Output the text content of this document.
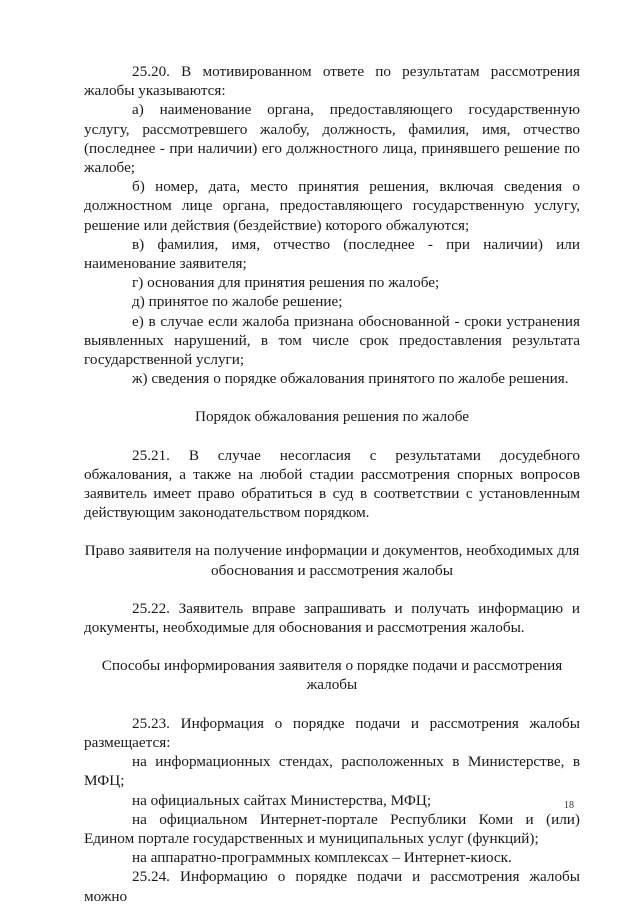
25.20. В мотивированном ответе по результатам рассмотрения жалобы указываются:

а) наименование органа, предоставляющего государственную услугу, рассмотревшего жалобу, должность, фамилия, имя, отчество (последнее - при наличии) его должностного лица, принявшего решение по жалобе;

б) номер, дата, место принятия решения, включая сведения о должностном лице органа, предоставляющего государственную услугу, решение или действия (бездействие) которого обжалуются;

в) фамилия, имя, отчество (последнее - при наличии) или наименование заявителя;

г) основания для принятия решения по жалобе;

д) принятое по жалобе решение;

е) в случае если жалоба признана обоснованной - сроки устранения выявленных нарушений, в том числе срок предоставления результата государственной услуги;

ж) сведения о порядке обжалования принятого по жалобе решения.

Порядок обжалования решения по жалобе

25.21. В случае несогласия с результатами досудебного обжалования, а также на любой стадии рассмотрения спорных вопросов заявитель имеет право обратиться в суд в соответствии с установленным действующим законодательством порядком.

Право заявителя на получение информации и документов, необходимых для обоснования и рассмотрения жалобы

25.22. Заявитель вправе запрашивать и получать информацию и документы, необходимые для обоснования и рассмотрения жалобы.

Способы информирования заявителя о порядке подачи и рассмотрения жалобы

25.23. Информация о порядке подачи и рассмотрения жалобы размещается:

на информационных стендах, расположенных в Министерстве, в МФЦ;

на официальных сайтах Министерства, МФЦ;

на официальном Интернет-портале Республики Коми и (или) Едином портале государственных и муниципальных услуг (функций);

на аппаратно-программных комплексах – Интернет-киоск.

25.24. Информацию о порядке подачи и рассмотрения жалобы можно

18
